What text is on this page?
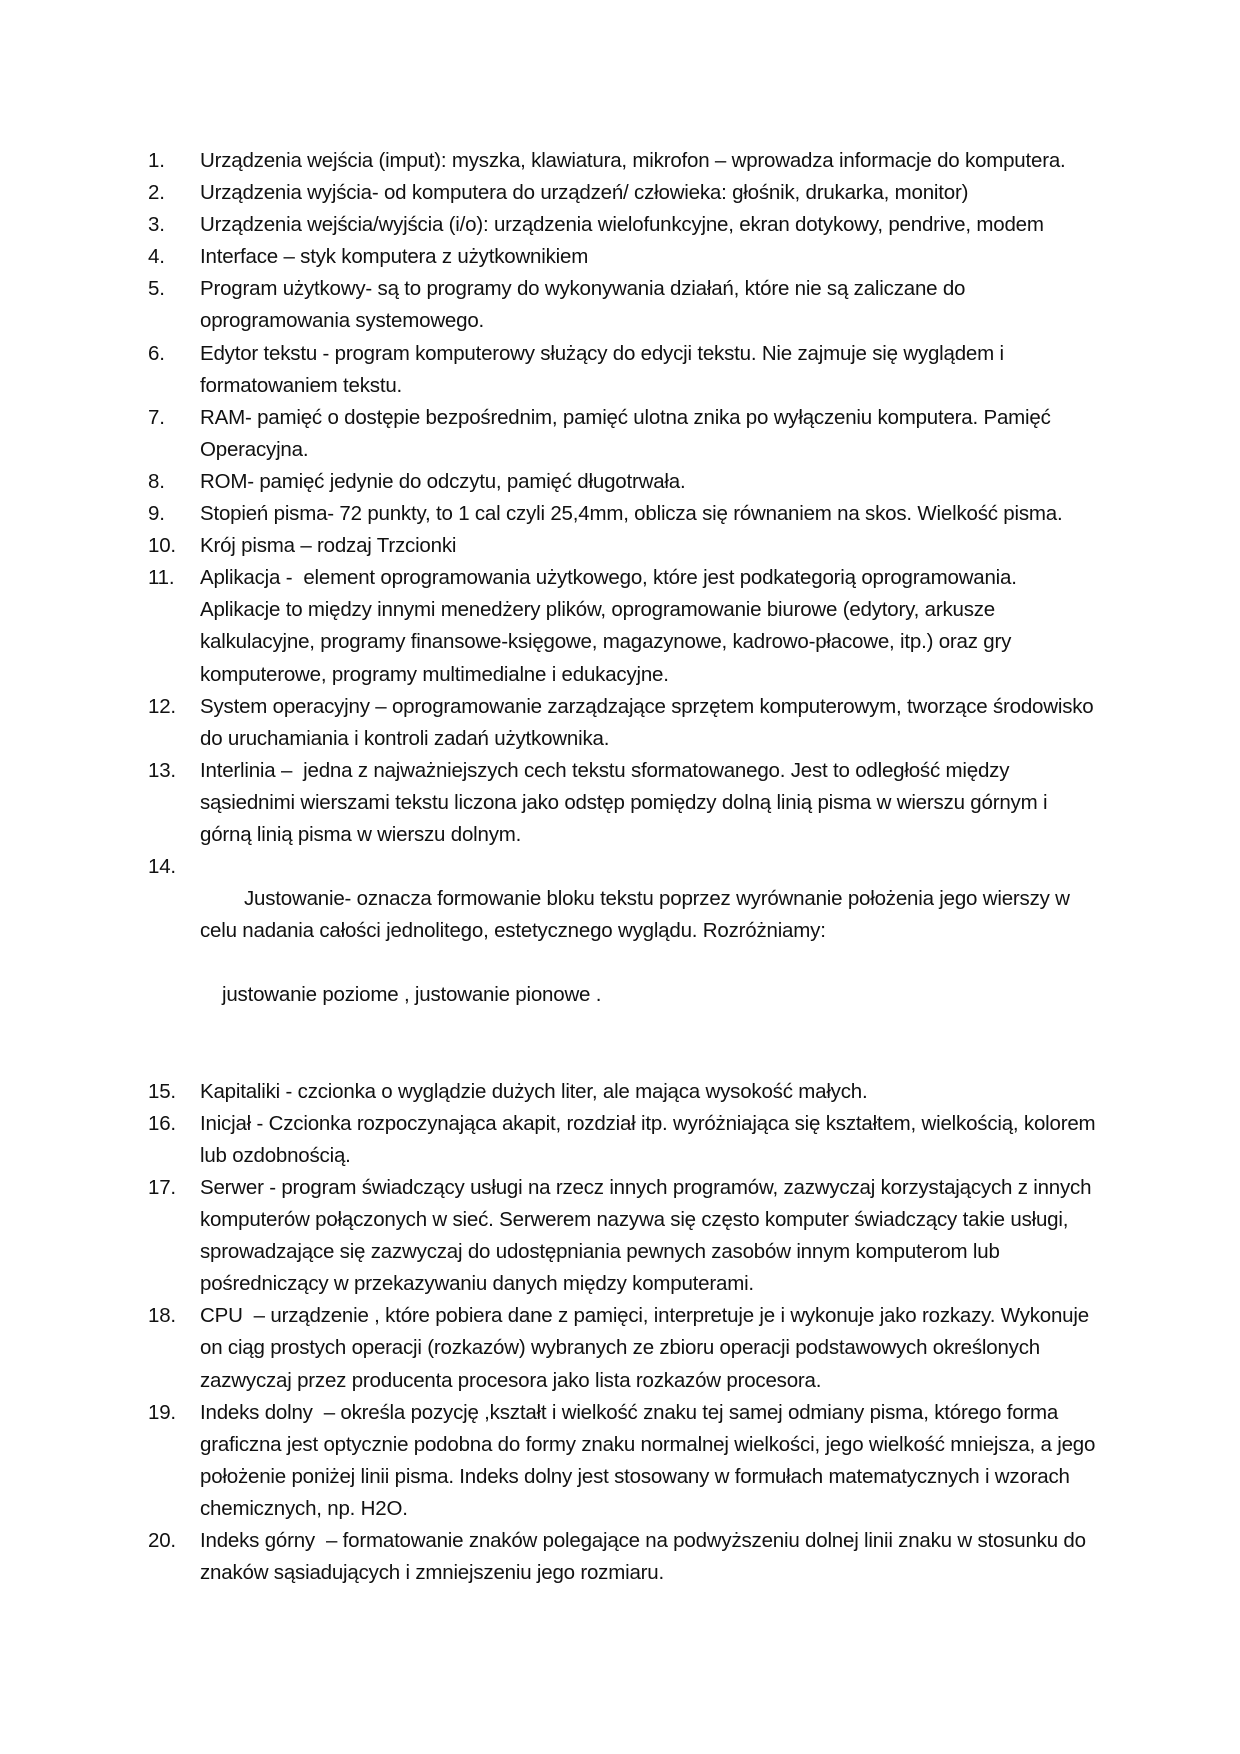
1.	Urządzenia wejścia (imput): myszka, klawiatura, mikrofon – wprowadza informacje do komputera.
2.	Urządzenia wyjścia- od komputera do urządzeń/ człowieka: głośnik, drukarka, monitor)
3.	Urządzenia wejścia/wyjścia (i/o): urządzenia wielofunkcyjne, ekran dotykowy, pendrive, modem
4.	Interface – styk komputera z użytkownikiem
5.	Program użytkowy- są to programy do wykonywania działań, które nie są zaliczane do oprogramowania systemowego.
6.	Edytor tekstu - program komputerowy służący do edycji tekstu. Nie zajmuje się wyglądem i formatowaniem tekstu.
7.	RAM- pamięć o dostępie bezpośrednim, pamięć ulotna znika po wyłączeniu komputera. Pamięć Operacyjna.
8.	ROM- pamięć jedynie do odczytu, pamięć długotrwała.
9.	Stopień pisma- 72 punkty, to 1 cal czyli 25,4mm, oblicza się równaniem na skos. Wielkość pisma.
10.	Krój pisma – rodzaj Trzcionki
11.	Aplikacja -  element oprogramowania użytkowego, które jest podkategorią oprogramowania. Aplikacje to między innymi menedżery plików, oprogramowanie biurowe (edytory, arkusze kalkulacyjne, programy finansowe-księgowe, magazynowe, kadrowo-płacowe, itp.) oraz gry komputerowe, programy multimedialne i edukacyjne.
12.	System operacyjny – oprogramowanie zarządzające sprzętem komputerowym, tworzące środowisko do uruchamiania i kontroli zadań użytkownika.
13.	Interlinia –  jedna z najważniejszych cech tekstu sformatowanego. Jest to odległość między sąsiednimi wierszami tekstu liczona jako odstęp pomiędzy dolną linią pisma w wierszu górnym i górną linią pisma w wierszu dolnym.
14.

Justowanie- oznacza formowanie bloku tekstu poprzez wyrównanie położenia jego wierszy w celu nadania całości jednolitego, estetycznego wyglądu. Rozróżniamy:

justowanie poziome , justowanie pionowe .

15.	Kapitaliki - czcionka o wyglądzie dużych liter, ale mająca wysokość małych.
16.	Inicjał - Czcionka rozpoczynająca akapit, rozdział itp. wyróżniająca się kształtem, wielkością, kolorem lub ozdobnością.
17.	Serwer - program świadczący usługi na rzecz innych programów, zazwyczaj korzystających z innych komputerów połączonych w sieć. Serwerem nazywa się często komputer świadczący takie usługi, sprowadzające się zazwyczaj do udostępniania pewnych zasobów innym komputerom lub pośredniczący w przekazywaniu danych między komputerami.
18.	CPU  – urządzenie , które pobiera dane z pamięci, interpretuje je i wykonuje jako rozkazy. Wykonuje on ciąg prostych operacji (rozkazów) wybranych ze zbioru operacji podstawowych określonych zazwyczaj przez producenta procesora jako lista rozkazów procesora.
19.	Indeks dolny  – określa pozycję ,kształt i wielkość znaku tej samej odmiany pisma, którego forma graficzna jest optycznie podobna do formy znaku normalnej wielkości, jego wielkość mniejsza, a jego położenie poniżej linii pisma. Indeks dolny jest stosowany w formułach matematycznych i wzorach chemicznych, np. H2O.
20.	Indeks górny  – formatowanie znaków polegające na podwyższeniu dolnej linii znaku w stosunku do znaków sąsiadujących i zmniejszeniu jego rozmiaru.
